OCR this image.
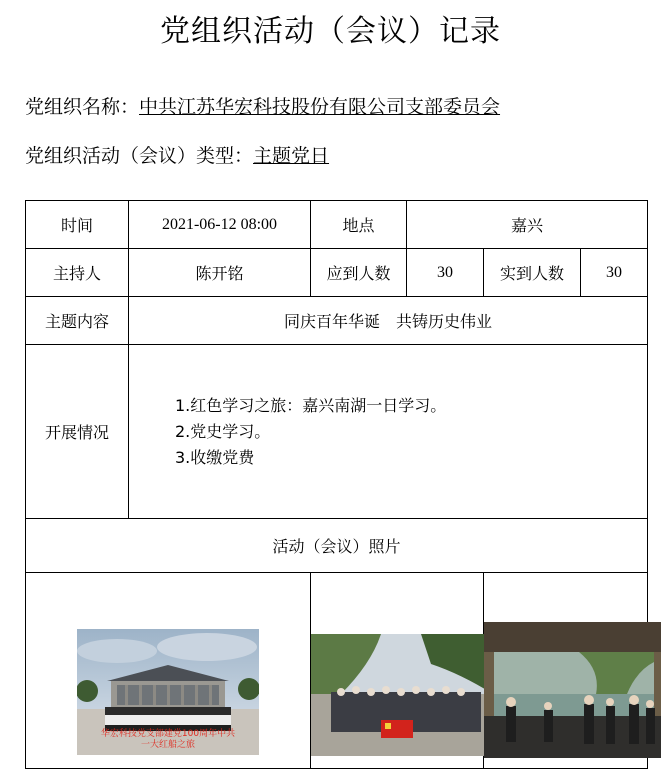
党组织活动（会议）记录
党组织名称：中共江苏华宏科技股份有限公司支部委员会
党组织活动（会议）类型：主题党日
时间	2021-06-12 08:00	地点	嘉兴		
主持人	陈开铭	应到人数	30	实到人数	30
主题内容	同庆百年华诞　共铸历史伟业				
开展情况	1.红色学习之旅：嘉兴南湖一日学习。
2.党史学习。
3.收缴党费				

活动（会议）照片					

华宏科技党支部建党100周年中共
一大红船之旅
